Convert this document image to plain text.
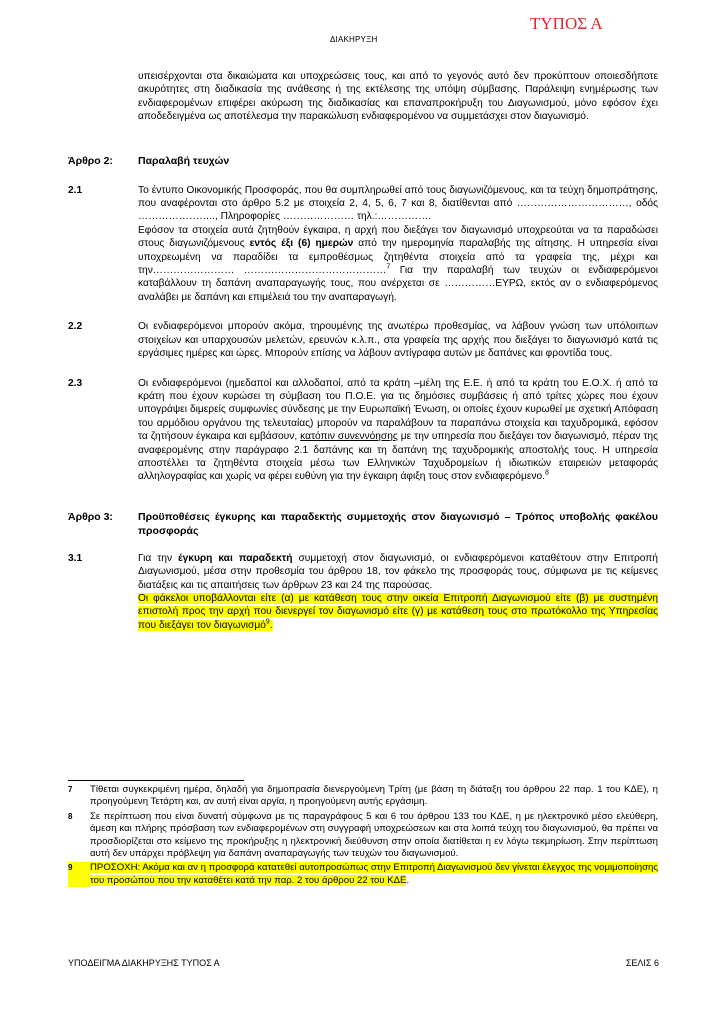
ΤΥΠΟΣ Α
ΔΙΑΚΗΡΥΞΗ
υπεισέρχονται στα δικαιώματα και υποχρεώσεις τους, και από το γεγονός αυτό δεν προκύπτουν οποιεσδήποτε ακυρότητες στη διαδικασία της ανάθεσης ή της εκτέλεσης της υπόψη σύμβασης. Παράλειψη ενημέρωσης των ενδιαφερομένων επιφέρει ακύρωση της διαδικασίας και επαναπροκήρυξη του Διαγωνισμού, μόνο εφόσον έχει αποδεδειγμένα ως αποτέλεσμα την παρακώλυση ενδιαφερομένου να συμμετάσχει στον διαγωνισμό.
Άρθρο 2:	Παραλαβή τευχών
2.1	Το έντυπο Οικονομικής Προσφοράς, που θα συμπληρωθεί από τους διαγωνιζόμενους, και τα τεύχη δημοπράτησης, που αναφέρονται στο άρθρο 5.2 με στοιχεία 2, 4, 5, 6, 7 και 8, διατίθενται από ……………………………, οδός ………………….., Πληροφορίες ………………… τηλ.:…………….
Εφόσον τα στοιχεία αυτά ζητηθούν έγκαιρα, η αρχή που διεξάγει τον διαγωνισμό υποχρεούται να τα παραδώσει στους διαγωνιζόμενους εντός έξι (6) ημερών από την ημερομηνία παραλαβής της αίτησης. Η υπηρεσία είναι υποχρεωμένη να παραδίδει τα εμπροθέσμως ζητηθέντα στοιχεία από τα γραφεία της, μέχρι και την…………………… ……………………………………$^7$ Για την παραλαβή των τευχών οι ενδιαφερόμενοι καταβάλλουν τη δαπάνη αναπαραγωγής τους, που ανέρχεται σε ……………ΕΥΡΩ, εκτός αν ο ενδιαφερόμενος αναλάβει με δαπάνη και επιμέλειά του την αναπαραγωγή.
2.2	Οι ενδιαφερόμενοι μπορούν ακόμα, τηρουμένης της ανωτέρω προθεσμίας, να λάβουν γνώση των υπόλοιπων στοιχείων και υπαρχουσών μελετών, ερευνών κ.λ.π., στα γραφεία της αρχής που διεξάγει το διαγωνισμό κατά τις εργάσιμες ημέρες και ώρες. Μπορούν επίσης να λάβουν αντίγραφα αυτών με δαπάνες και φροντίδα τους.
2.3	Οι ενδιαφερόμενοι (ημεδαποί και αλλοδαποί, από τα κράτη –μέλη της Ε.Ε. ή από τα κράτη του Ε.Ο.Χ. ή από τα κράτη που έχουν κυρώσει τη σύμβαση του Π.Ο.Ε. για τις δημόσιες συμβάσεις ή από τρίτες χώρες που έχουν υπογράψει διμερείς συμφωνίες σύνδεσης με την Ευρωπαϊκή Ένωση, οι οποίες έχουν κυρωθεί με σχετική Απόφαση του αρμόδιου οργάνου της τελευταίας) μπορούν να παραλάβουν τα παραπάνω στοιχεία και ταχυδρομικά, εφόσον τα ζητήσουν έγκαιρα και εμβάσουν, κατόπιν συνεννόησης με την υπηρεσία που διεξάγει τον διαγωνισμό, πέραν της αναφερομένης στην παράγραφο 2.1 δαπάνης και τη δαπάνη της ταχυδρομικής αποστολής τους. Η υπηρεσία αποστέλλει τα ζητηθέντα στοιχεία μέσω των Ελληνικών Ταχυδρομείων ή ιδιωτικών εταιρειών μεταφοράς αλληλογραφίας και χωρίς να φέρει ευθύνη για την έγκαιρη άφιξη τους στον ενδιαφερόμενο.$^8$
Άρθρο 3:	Προϋποθέσεις έγκυρης και παραδεκτής συμμετοχής στον διαγωνισμό – Τρόπος υποβολής φακέλου προσφοράς
3.1	Για την έγκυρη και παραδεκτή συμμετοχή στον διαγωνισμό, οι ενδιαφερόμενοι καταθέτουν στην Επιτροπή Διαγωνισμού, μέσα στην προθεσμία του άρθρου 18, τον φάκελο της προσφοράς τους, σύμφωνα με τις κείμενες διατάξεις και τις απαιτήσεις των άρθρων 23 και 24 της παρούσας.
Οι φάκελοι υποβάλλονται είτε (α) με κατάθεση τους στην οικεία Επιτροπή Διαγωνισμού είτε (β) με συστημένη επιστολή προς την αρχή που διενεργεί τον διαγωνισμό είτε (γ) με κατάθεση τους στο πρωτόκολλο της Υπηρεσίας που διεξάγει τον διαγωνισμό$^9$.
7	Τίθεται συγκεκριμένη ημέρα, δηλαδή για δημοπρασία διενεργούμενη Τρίτη (με βάση τη διάταξη του άρθρου 22 παρ. 1 του ΚΔΕ), η προηγούμενη Τετάρτη και, αν αυτή είναι αργία, η προηγούμενη αυτής εργάσιμη.
8	Σε περίπτωση που είναι δυνατή σύμφωνα με τις παραγράφους 5 και 6 του άρθρου 133 του ΚΔΕ, η με ηλεκτρονικό μέσο ελεύθερη, άμεση και πλήρης πρόσβαση των ενδιαφερομένων στη συγγραφή υποχρεώσεων και στα λοιπά τεύχη του διαγωνισμού, θα πρέπει να προσδιορίζεται στο κείμενο της προκήρυξης η ηλεκτρονική διεύθυνση στην οποία διατίθεται η εν λόγω τεκμηρίωση. Στην περίπτωση αυτή δεν υπάρχει πρόβλεψη για δαπάνη αναπαραγωγής των τευχών του διαγωνισμού.
9	ΠΡΟΣΟΧΗ: Ακόμα και αν η προσφορά κατατεθεί αυτοπροσώπως στην Επιτροπή Διαγωνισμού δεν γίνεται έλεγχος της νομιμοποίησης του προσώπου που την καταθέτει κατά την παρ. 2 του άρθρου 22 του ΚΔΕ.
ΥΠΟΔΕΙΓΜΑ ΔΙΑΚΗΡΥΞΗΣ ΤΥΠΟΣ Α	ΣΕΛΙΣ 6
